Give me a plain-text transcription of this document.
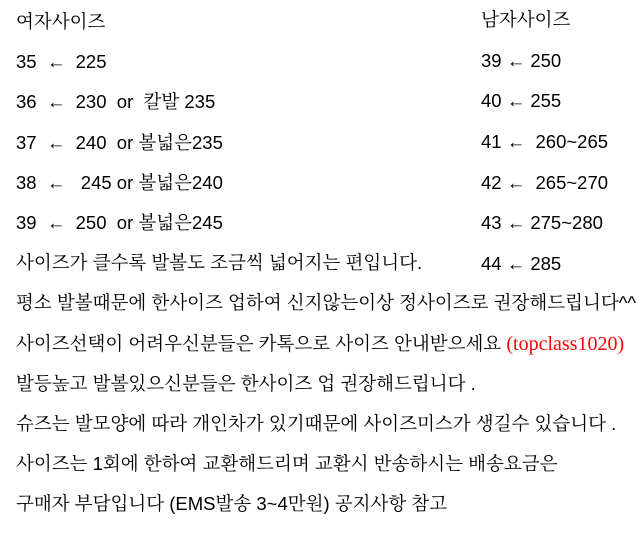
여자사이즈
35  ←  225
36  ←  230  or  칼발 235
37  ←  240  or 볼넓은235
38  ←   245 or 볼넓은240
39  ←  250  or 볼넓은245
사이즈가 클수록 발볼도 조금씩 넓어지는 편입니다.
평소 발볼때문에 한사이즈 업하여 신지않는이상 정사이즈로 권장해드립니다^^
사이즈선택이 어려우신분들은 카톡으로 사이즈 안내받으세요 (topclass1020)
발등높고 발볼있으신분들은 한사이즈 업 권장해드립니다 .
슈즈는 발모양에 따라 개인차가 있기때문에 사이즈미스가 생길수 있습니다 .
사이즈는 1회에 한하여 교환해드리며 교환시 반송하시는 배송요금은
구매자 부담입니다 (EMS발송 3~4만원) 공지사항 참고
남자사이즈
39 ← 250
40 ← 255
41 ←  260~265
42 ←  265~270
43 ← 275~280
44 ← 285
